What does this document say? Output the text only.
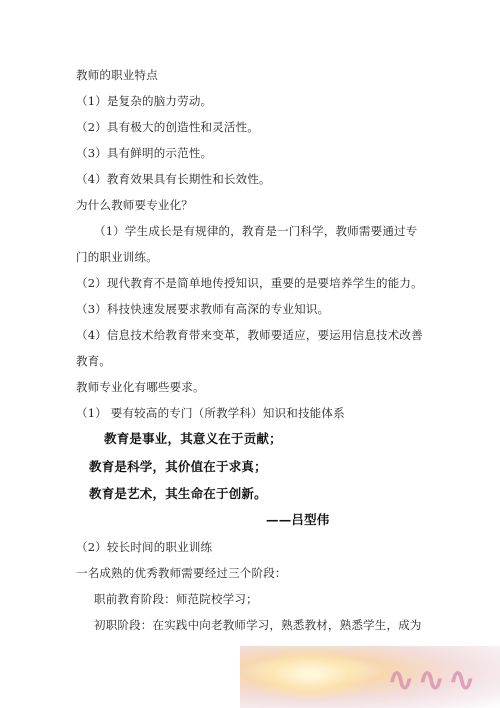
教师的职业特点
（1）是复杂的脑力劳动。
（2）具有极大的创造性和灵活性。
（3）具有鲜明的示范性。
（4）教育效果具有长期性和长效性。
为什么教师要专业化？
（1）学生成长是有规律的，教育是一门科学，教师需要通过专
门的职业训练。
（2）现代教育不是简单地传授知识，重要的是要培养学生的能力。
（3）科技快速发展要求教师有高深的专业知识。
（4）信息技术给教育带来变革，教师要适应，要运用信息技术改善
教育。
教师专业化有哪些要求。
（1） 要有较高的专门（所教学科）知识和技能体系
教育是事业，其意义在于贡献；
教育是科学，其价值在于求真；
教育是艺术，其生命在于创新。
——吕型伟
（2）较长时间的职业训练
一名成熟的优秀教师需要经过三个阶段：
职前教育阶段：师范院校学习；
初职阶段：在实践中向老教师学习，熟悉教材，熟悉学生，成为
∿∿∿
